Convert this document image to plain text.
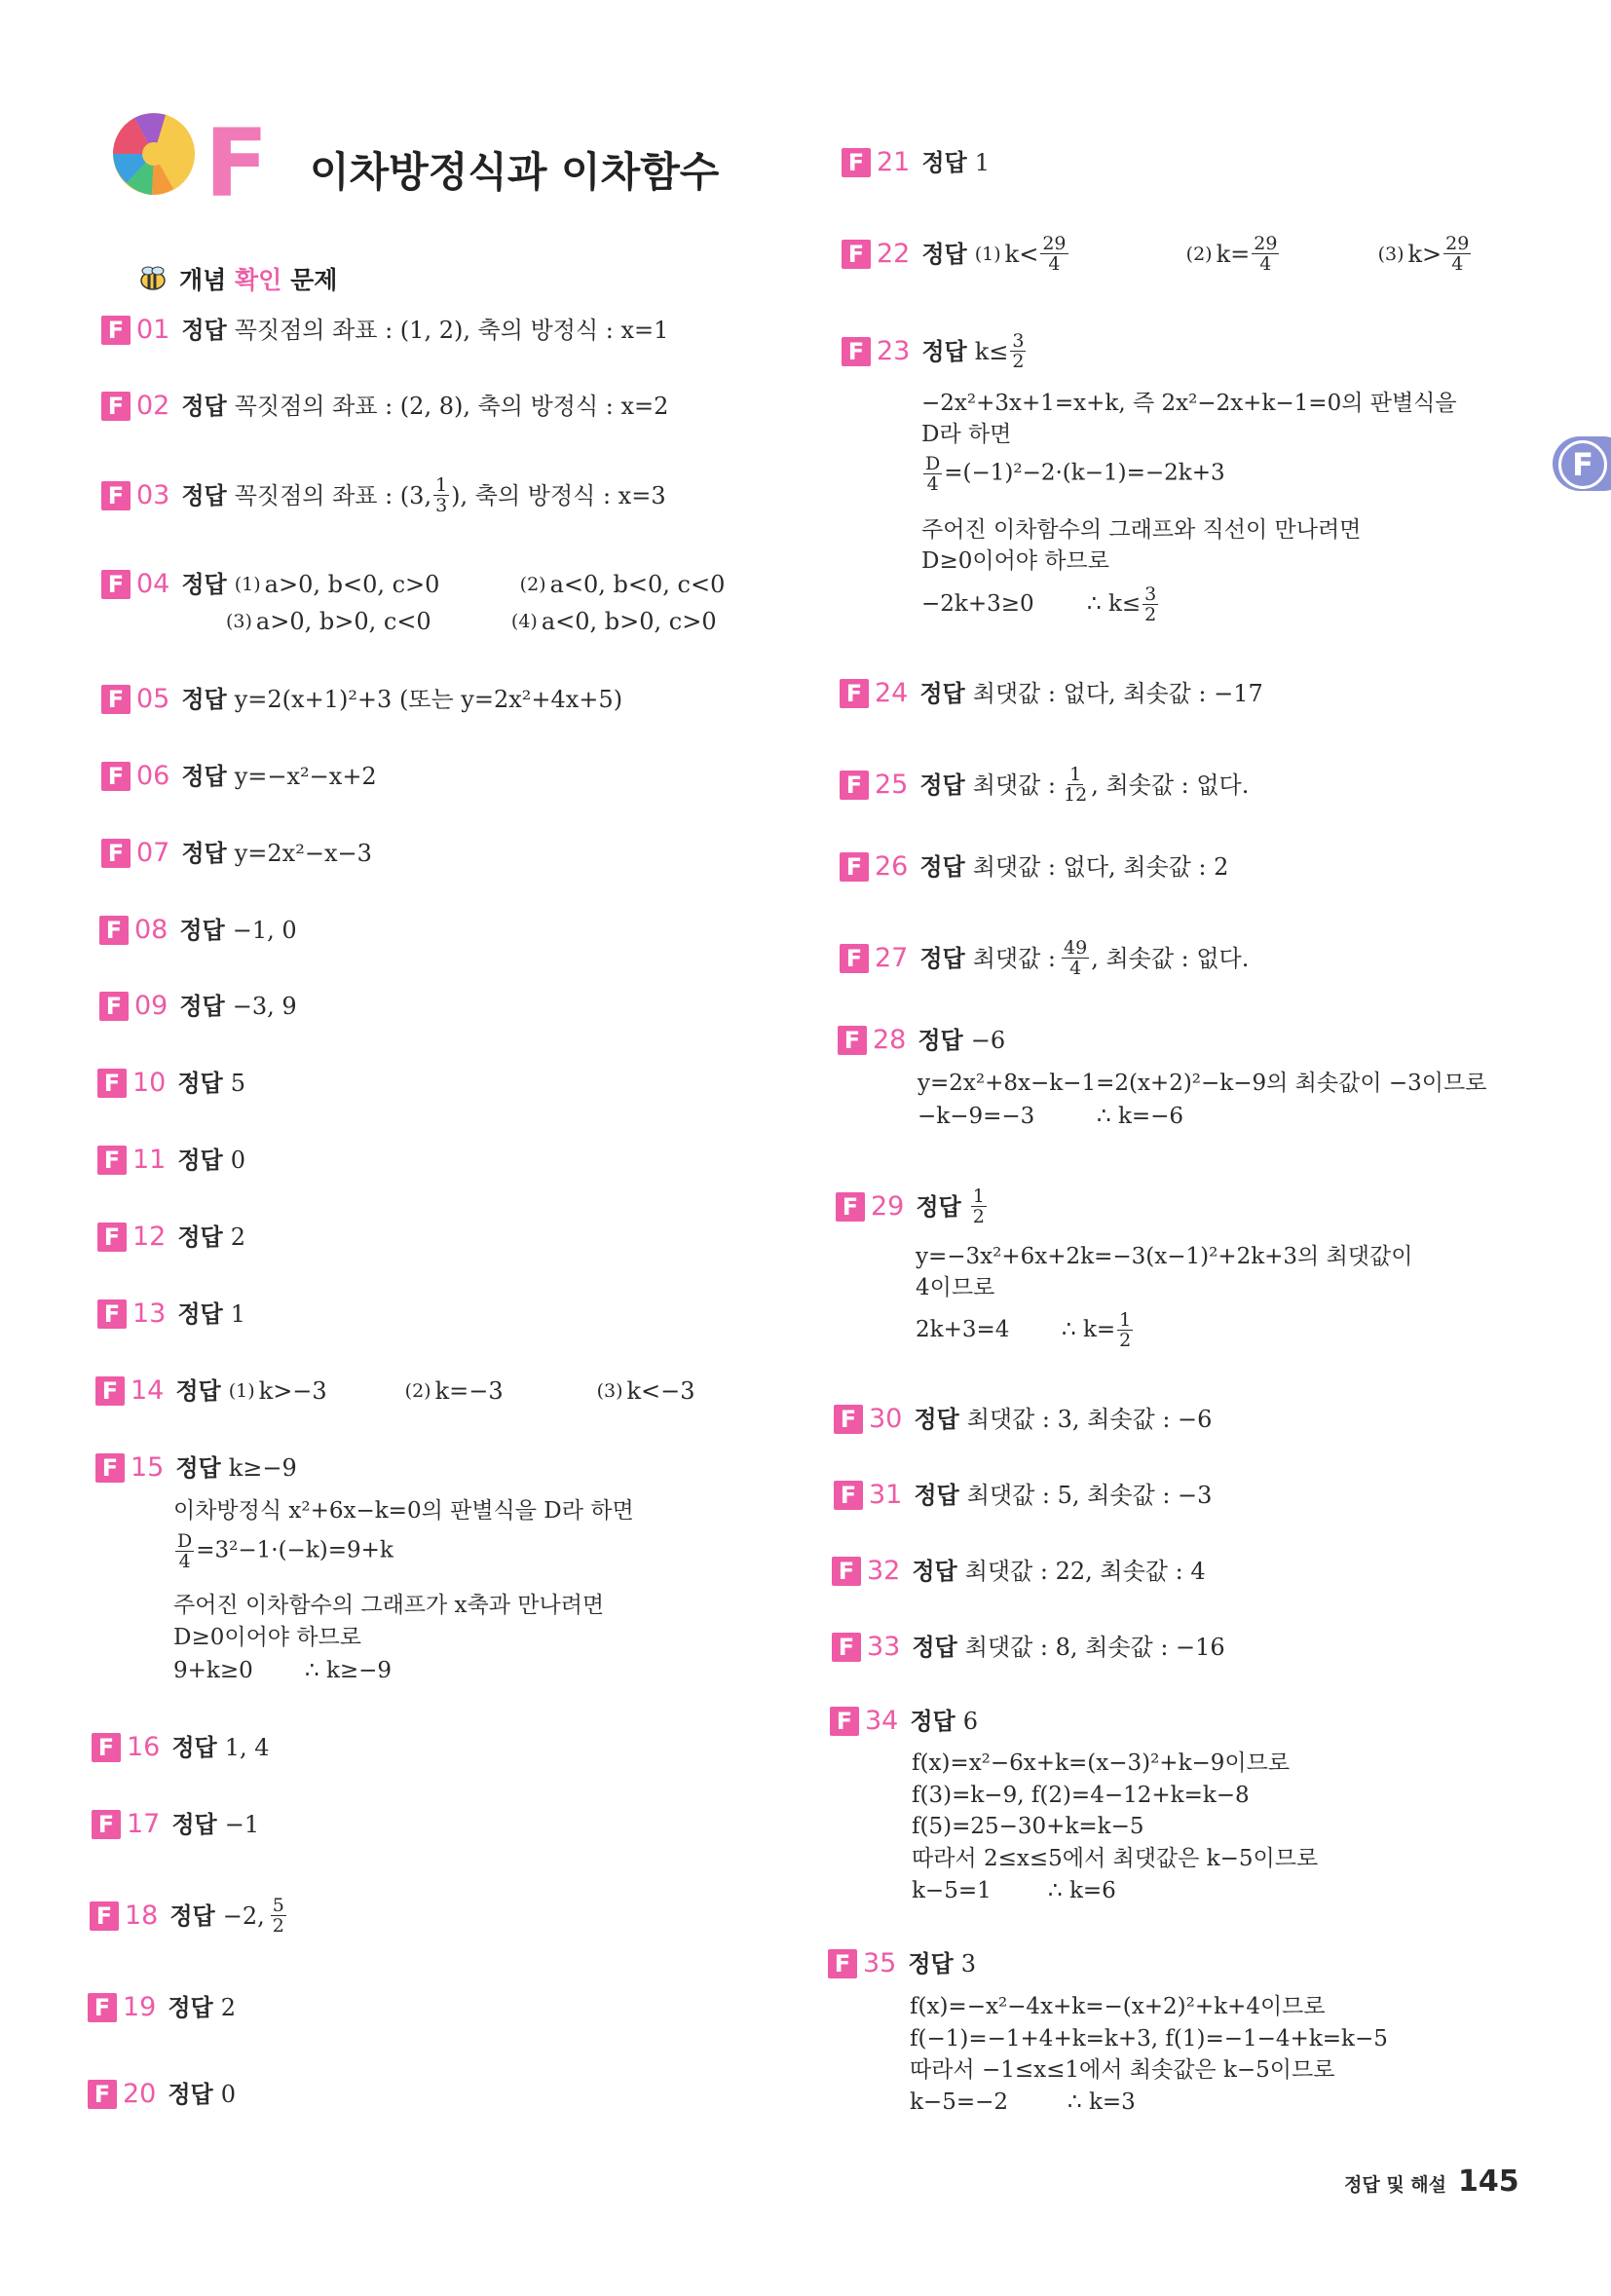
F 이차방정식과 이차함수
개념
확인
문제
F
F 01 정답 꼭짓점의 좌표 : (1, 2), 축의 방정식 : x=1
F 02 정답 꼭짓점의 좌표 : (2, 8), 축의 방정식 : x=2
F 03 정답 꼭짓점의 좌표 : (3, $\frac{1}{3}$ ), 축의 방정식 : x=3
F 04 정답 (1) a>0, b<0, c>0	(2) a<0, b<0, c<0
(3) a>0, b>0, c<0	(4) a<0, b>0, c>0
F 05 정답 y=2(x+1)²+3 (또는 y=2x²+4x+5)
F 06 정답 y=−x²−x+2
F 07 정답 y=2x²−x−3
F 08 정답 −1, 0
F 09 정답 −3, 9
F 10 정답 5
F 11 정답 0
F 12 정답 2
F 13 정답 1
F 14 정답 (1) k>−3	(2) k=−3	(3) k<−3
F 15 정답 k≥−9
이차방정식 x²+6x−k=0의 판별식을 D라 하면
$\frac{D}{4} =3^2-1\cdot(-k)=9+k$
주어진 이차함수의 그래프가 x축과 만나려면
D≥0이어야 하므로
9+k≥0 ∴ k≥−9
F 16 정답 1, 4
F 17 정답 −1
F 18 정답 −2, $\frac{5}{2}$
F 19 정답 2
F 20 정답 0
F 21 정답 1
F 22 정답 (1) $k< \frac{29}{4}$	(2) $k= \frac{29}{4}$	(3) $k> \frac{29}{4}$
F 23 정답 $k\le \frac{3}{2}$
−2x²+3x+1=x+k, 즉 2x²−2x+k−1=0의 판별식을
D라 하면
$\frac{D}{4} =(-1)^2-2\cdot(k-1)=-2k+3$
주어진 이차함수의 그래프와 직선이 만나려면
D≥0이어야 하므로
−2k+3≥0	∴ $k\le \frac{3}{2}$
F 24 정답 최댓값 : 없다, 최솟값 : −17
F 25 정답 최댓값 : $\frac{1}{12}$ , 최솟값 : 없다.
F 26 정답 최댓값 : 없다, 최솟값 : 2
F 27 정답 최댓값 : $\frac{49}{4}$ , 최솟값 : 없다.
F 28 정답 −6
y=2x²+8x−k−1=2(x+2)²−k−9의 최솟값이 −3이므로
−k−9=−3	∴ k=−6
F 29 정답 $\frac{1}{2}$
y=−3x²+6x+2k=−3(x−1)²+2k+3의 최댓값이
4이므로
2k+3=4	∴ $k= \frac{1}{2}$
F 30 정답 최댓값 : 3, 최솟값 : −6
F 31 정답 최댓값 : 5, 최솟값 : −3
F 32 정답 최댓값 : 22, 최솟값 : 4
F 33 정답 최댓값 : 8, 최솟값 : −16
F 34 정답 6
f(x)=x²−6x+k=(x−3)²+k−9이므로
f(3)=k−9, f(2)=4−12+k=k−8
f(5)=25−30+k=k−5
따라서 2≤x≤5에서 최댓값은 k−5이므로
k−5=1	∴ k=6
F 35 정답 3
f(x)=−x²−4x+k=−(x+2)²+k+4이므로
f(−1)=−1+4+k=k+3, f(1)=−1−4+k=k−5
따라서 −1≤x≤1에서 최솟값은 k−5이므로
k−5=−2	∴ k=3
정답 및 해설 145
